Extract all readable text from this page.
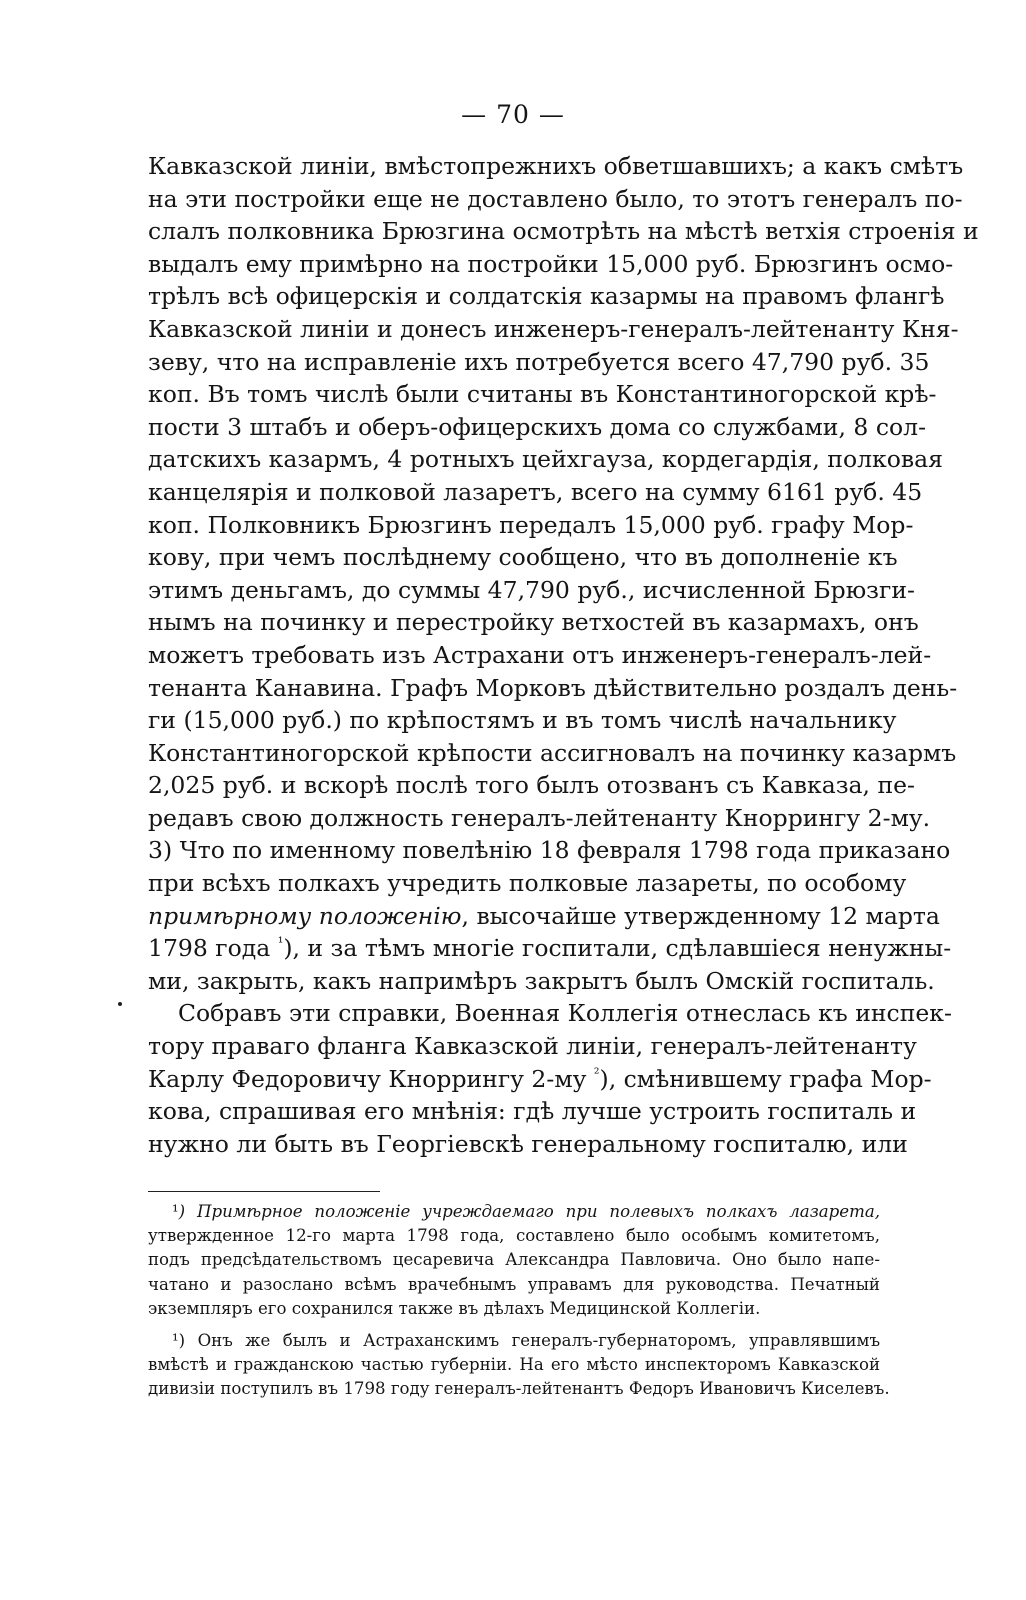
— 70 —
Кавказской линіи, вмѣстопрежнихъ обветшавшихъ; а какъ смѣтъ
на эти постройки еще не доставлено было, то этотъ генералъ по-
слалъ полковника Брюзгина осмотрѣть на мѣстѣ ветхія строенія и
выдалъ ему примѣрно на постройки 15,000 руб. Брюзгинъ осмо-
трѣлъ всѣ офицерскія и солдатскія казармы на правомъ флангѣ
Кавказской линіи и донесъ инженеръ-генералъ-лейтенанту Кня-
зеву, что на исправленіе ихъ потребуется всего 47,790 руб. 35
коп. Въ томъ числѣ были считаны въ Константиногорской крѣ-
пости 3 штабъ и оберъ-офицерскихъ дома со службами, 8 сол-
датскихъ казармъ, 4 ротныхъ цейхгауза, кордегардія, полковая
канцелярія и полковой лазаретъ, всего на сумму 6161 руб. 45
коп. Полковникъ Брюзгинъ передалъ 15,000 руб. графу Мор-
кову, при чемъ послѣднему сообщено, что въ дополненіе къ
этимъ деньгамъ, до суммы 47,790 руб., исчисленной Брюзги-
нымъ на починку и перестройку ветхостей въ казармахъ, онъ
можетъ требовать изъ Астрахани отъ инженеръ-генералъ-лей-
тенанта Канавина. Графъ Морковъ дѣйствительно роздалъ день-
ги (15,000 руб.) по крѣпостямъ и въ томъ числѣ начальнику
Константиногорской крѣпости ассигновалъ на починку казармъ
2,025 руб. и вскорѣ послѣ того былъ отозванъ съ Кавказа, пе-
редавъ свою должность генералъ-лейтенанту Кноррингу 2-му.
3) Что по именному повелѣнію 18 февраля 1798 года приказано
при всѣхъ полкахъ учредить полковые лазареты, по особому
примѣрному положенію, высочайше утвержденному 12 марта
1798 года $^{^1}$), и за тѣмъ многіе госпитали, сдѣлавшіеся ненужны-
ми, закрыть, какъ напримѣръ закрытъ былъ Омскій госпиталь.
Собравъ эти справки, Военная Коллегія отнеслась къ инспек-
тору праваго фланга Кавказской линіи, генералъ-лейтенанту
Карлу Федоровичу Кноррингу 2-му $^{^2}$), смѣнившему графа Мор-
кова, спрашивая его мнѣнія: гдѣ лучше устроить госпиталь и
нужно ли быть въ Георгіевскѣ генеральному госпиталю, или
¹) Примѣрное положеніе учреждаемаго при полевыхъ полкахъ лазарета,
утвержденное 12-го марта 1798 года, составлено было особымъ комитетомъ,
подъ предсѣдательствомъ цесаревича Александра Павловича. Оно было напе-
чатано и разослано всѣмъ врачебнымъ управамъ для руководства. Печатный
экземпляръ его сохранился также въ дѣлахъ Медицинской Коллегіи.
¹) Онъ же былъ и Астраханскимъ генералъ-губернаторомъ, управлявшимъ
вмѣстѣ и гражданскою частью губерніи. На его мѣсто инспекторомъ Кавказской
дивизіи поступилъ въ 1798 году генералъ-лейтенантъ Федоръ Ивановичъ Киселевъ.
